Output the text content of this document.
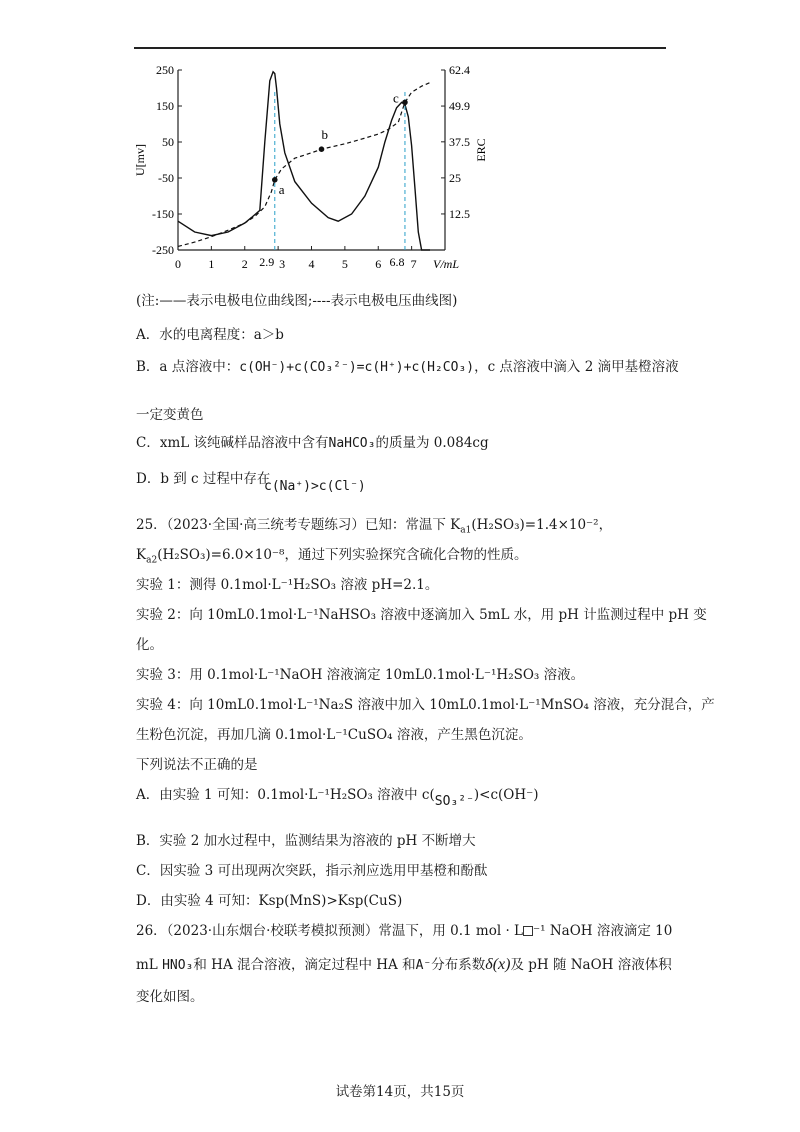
250
150
50
-50
-150
-250
62.4
49.9
37.5
25
12.5
0 1 2	4 5 6
3	7 V/mL
U[mv]	ERC
2.9	6.8
a
b
c
(注:——表示电极电位曲线图;----表示电极电压曲线图)
A．水的电离程度：a＞b
B．a 点溶液中：c(OH⁻)+c(CO₃²⁻)=c(H⁺)+c(H₂CO₃)，c 点溶液中滴入 2 滴甲基橙溶液
一定变黄色
C．xmL 该纯碱样品溶液中含有NaHCO₃的质量为 0.084cg
D．b 到 c 过程中存在
c(Na⁺)>c(Cl⁻)
25．（2023·全国·高三统考专题练习）已知：常温下 $K_{a1}(H_2SO_3)=1.4\times 10^{-2}$，
$K_{a2}(H_2SO_3)=6.0\times 10^{-8}$，通过下列实验探究含硫化合物的性质。
实验 1：测得 0.1mol·L⁻¹H₂SO₃ 溶液 pH=2.1。
实验 2：向 10mL0.1mol·L⁻¹NaHSO₃ 溶液中逐滴加入 5mL 水，用 pH 计监测过程中 pH 变
化。
实验 3：用 0.1mol·L⁻¹NaOH 溶液滴定 10mL0.1mol·L⁻¹H₂SO₃ 溶液。
实验 4：向 10mL0.1mol·L⁻¹Na₂S 溶液中加入 10mL0.1mol·L⁻¹MnSO₄ 溶液，充分混合，产
生粉色沉淀，再加几滴 0.1mol·L⁻¹CuSO₄ 溶液，产生黑色沉淀。
下列说法不正确的是
A．由实验 1 可知：0.1mol·L⁻¹H₂SO₃ 溶液中 c(SO₃²⁻)<c(OH⁻)
B．实验 2 加水过程中，监测结果为溶液的 pH 不断增大
C．因实验 3 可出现两次突跃，指示剂应选用甲基橙和酚酞
D．由实验 4 可知：Ksp(MnS)>Ksp(CuS)
26．（2023·山东烟台·校联考模拟预测）常温下，用 0.1 mol · L ⁻¹ NaOH 溶液滴定 10
mL HNO₃和 HA 混合溶液，滴定过程中 HA 和A⁻分布系数δ(x)及 pH 随 NaOH 溶液体积
变化如图。
试卷第14页，共15页
